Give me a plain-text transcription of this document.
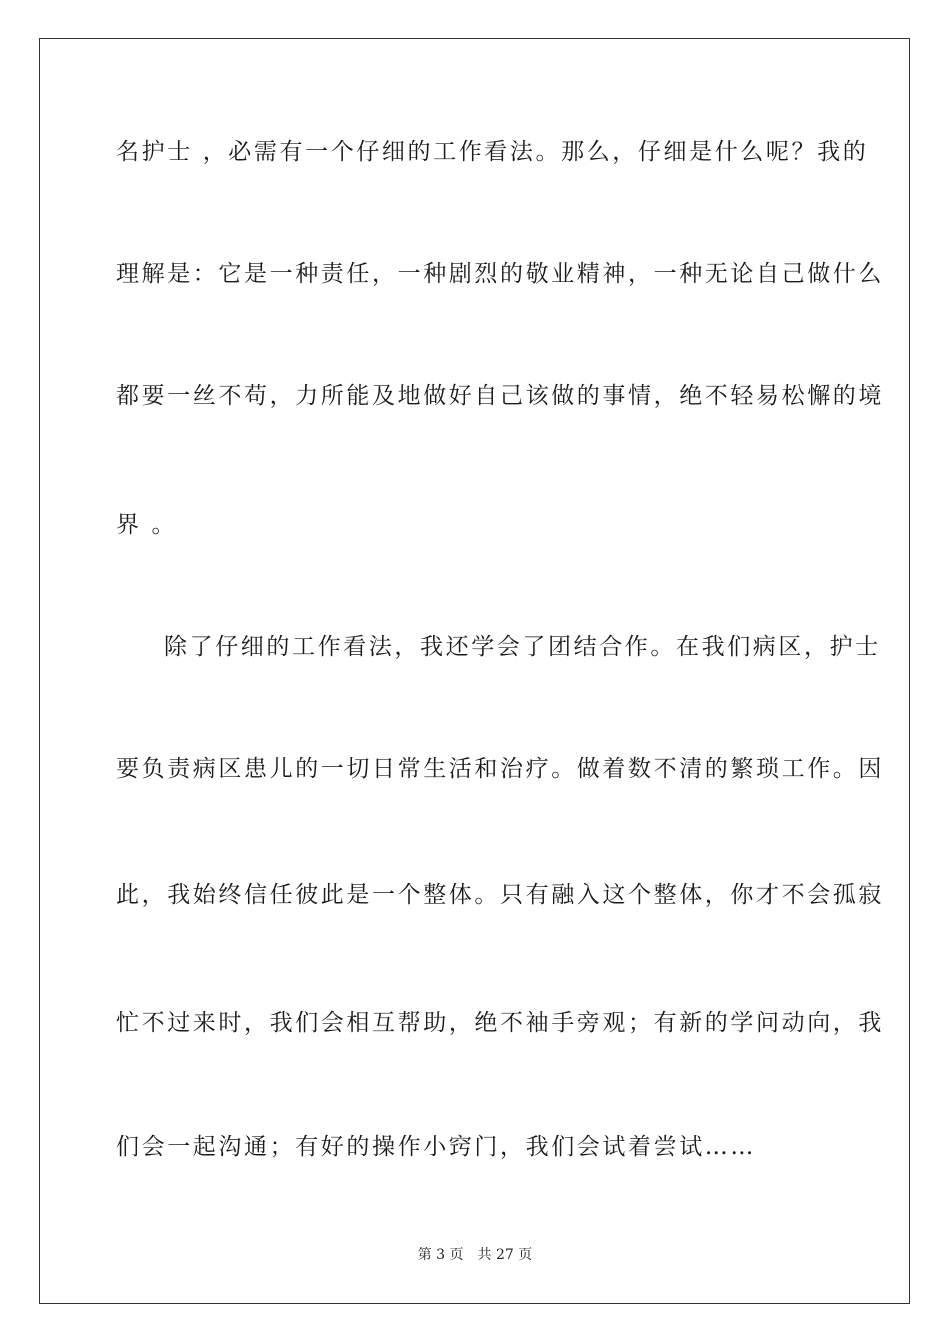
名护士 ，必需有一个仔细的工作看法。那么，仔细是什么呢？我的
理解是：它是一种责任，一种剧烈的敬业精神，一种无论自己做什么
都要一丝不苟，力所能及地做好自己该做的事情，绝不轻易松懈的境
界 。
除了仔细的工作看法，我还学会了团结合作。在我们病区，护士
要负责病区患儿的一切日常生活和治疗。做着数不清的繁琐工作。因
此，我始终信任彼此是一个整体。只有融入这个整体，你才不会孤寂
忙不过来时，我们会相互帮助，绝不袖手旁观；有新的学问动向，我
们会一起沟通；有好的操作小窍门，我们会试着尝试……
第 3 页 共 27 页
